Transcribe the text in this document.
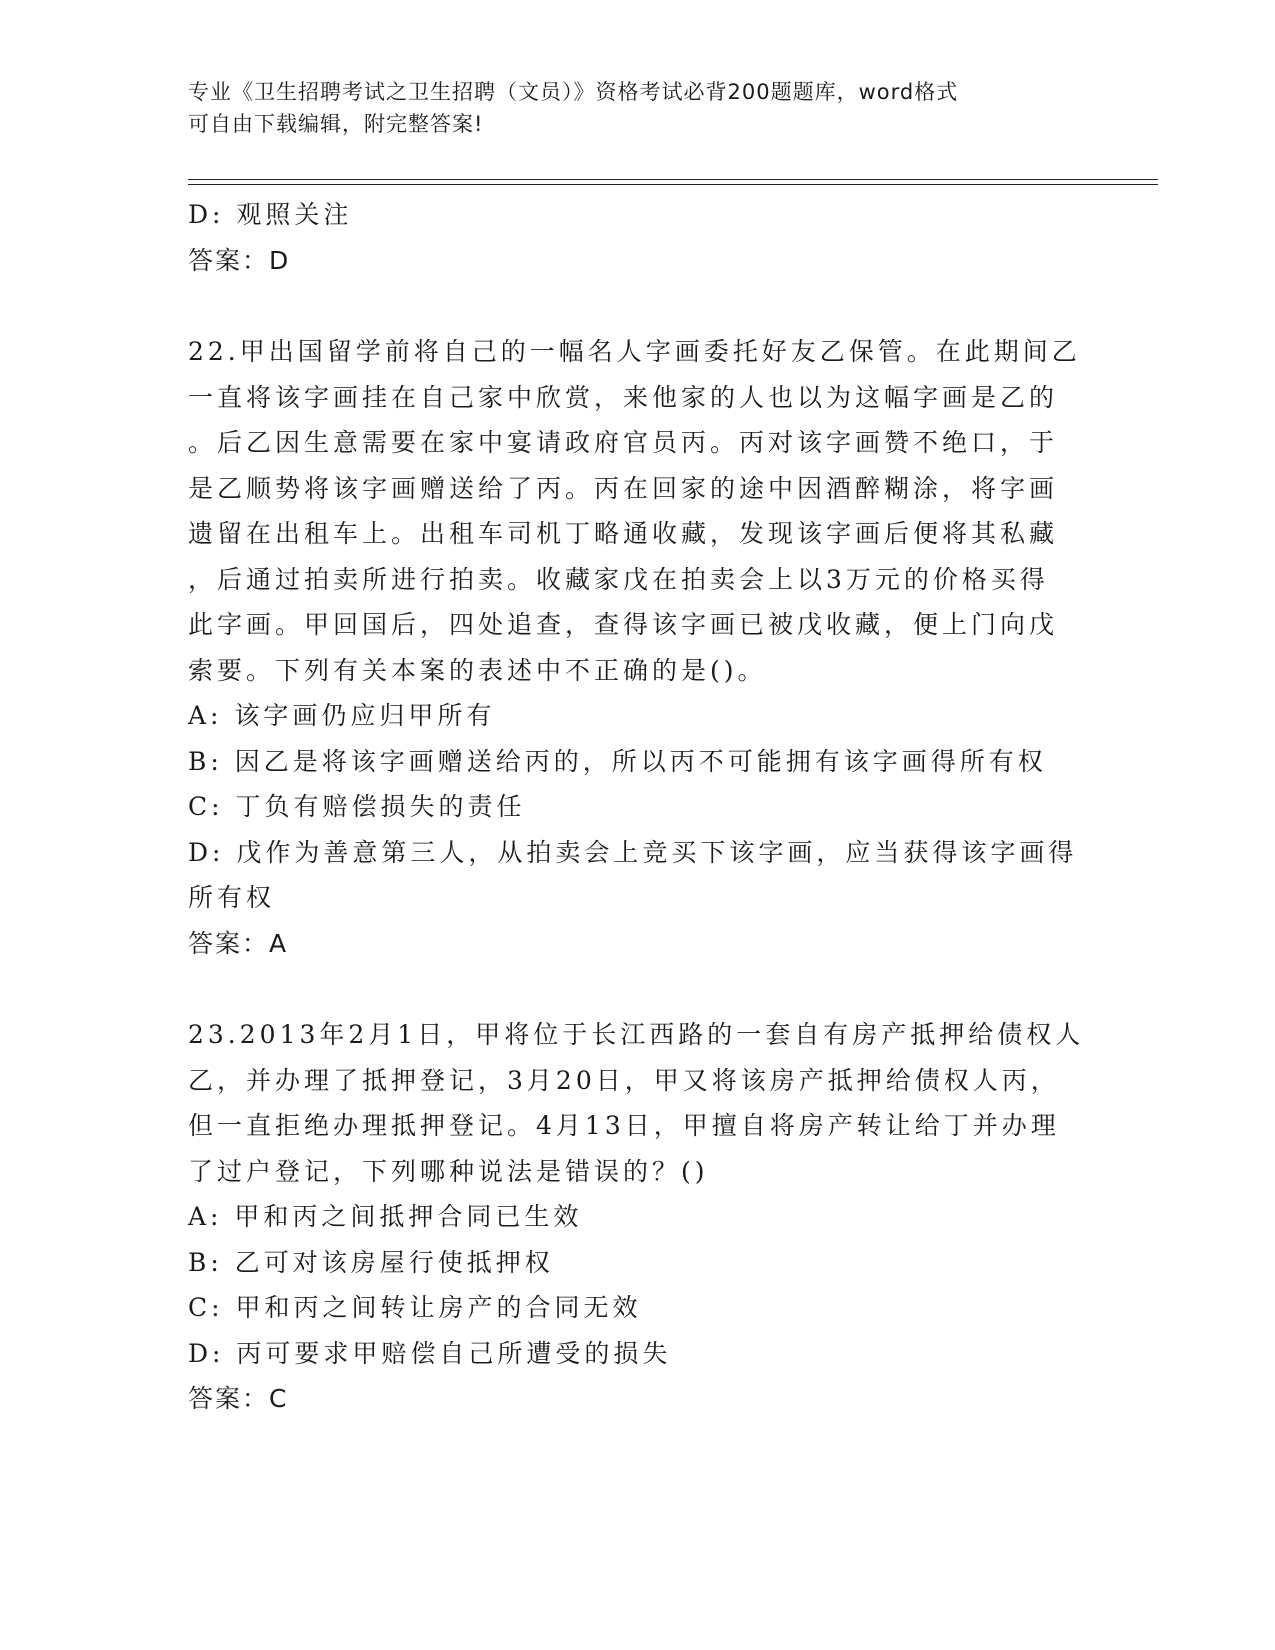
专业《卫生招聘考试之卫生招聘（文员）》资格考试必背200题题库，word格式
可自由下载编辑，附完整答案!

D: 观照关注

答案：D

22.甲出国留学前将自己的一幅名人字画委托好友乙保管。在此期间乙

一直将该字画挂在自己家中欣赏，来他家的人也以为这幅字画是乙的

。后乙因生意需要在家中宴请政府官员丙。丙对该字画赞不绝口，于

是乙顺势将该字画赠送给了丙。丙在回家的途中因酒醉糊涂，将字画

遗留在出租车上。出租车司机丁略通收藏，发现该字画后便将其私藏

，后通过拍卖所进行拍卖。收藏家戊在拍卖会上以3万元的价格买得

此字画。甲回国后，四处追查，查得该字画已被戊收藏，便上门向戊

索要。下列有关本案的表述中不正确的是()。

A: 该字画仍应归甲所有

B: 因乙是将该字画赠送给丙的，所以丙不可能拥有该字画得所有权

C: 丁负有赔偿损失的责任

D: 戊作为善意第三人，从拍卖会上竞买下该字画，应当获得该字画得

所有权

答案：A

23.2013年2月1日，甲将位于长江西路的一套自有房产抵押给债权人

乙，并办理了抵押登记，3月20日，甲又将该房产抵押给债权人丙，

但一直拒绝办理抵押登记。4月13日，甲擅自将房产转让给丁并办理

了过户登记，下列哪种说法是错误的？()

A: 甲和丙之间抵押合同已生效

B: 乙可对该房屋行使抵押权

C: 甲和丙之间转让房产的合同无效

D: 丙可要求甲赔偿自己所遭受的损失

答案：C
